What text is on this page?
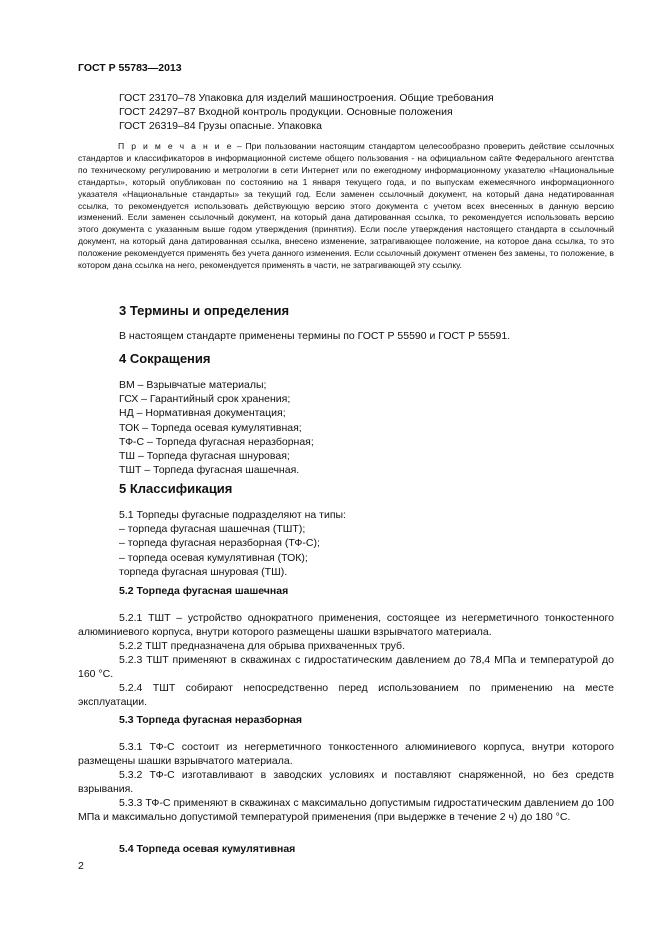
ГОСТ Р 55783—2013
ГОСТ 23170–78 Упаковка для изделий машиностроения. Общие требования
ГОСТ 24297–87 Входной контроль продукции. Основные положения
ГОСТ 26319–84 Грузы опасные. Упаковка

П р и м е ч а н и е – При пользовании настоящим стандартом целесообразно проверить действие ссылочных стандартов и классификаторов в информационной системе общего пользования - на официальном сайте Федерального агентства по техническому регулированию и метрологии в сети Интернет или по ежегодному информационному указателю «Национальные стандарты», который опубликован по состоянию на 1 января текущего года, и по выпускам ежемесячного информационного указателя «Национальные стандарты» за текущий год. Если заменен ссылочный документ, на который дана недатированная ссылка, то рекомендуется использовать действующую версию этого документа с учетом всех внесенных в данную версию изменений. Если заменен ссылочный документ, на который дана датированная ссылка, то рекомендуется использовать версию этого документа с указанным выше годом утверждения (принятия). Если после утверждения настоящего стандарта в ссылочный документ, на который дана датированная ссылка, внесено изменение, затрагивающее положение, на которое дана ссылка, то это положение рекомендуется применять без учета данного изменения. Если ссылочный документ отменен без замены, то положение, в котором дана ссылка на него, рекомендуется применять в части, не затрагивающей эту ссылку.

3 Термины и определения
В настоящем стандарте применены термины по ГОСТ Р 55590 и ГОСТ Р 55591.
4 Сокращения
ВМ – Взрывчатые материалы;
ГСХ – Гарантийный срок хранения;
НД – Нормативная документация;
ТОК – Торпеда осевая кумулятивная;
ТФ-С – Торпеда фугасная неразборная;
ТШ – Торпеда фугасная шнуровая;
ТШТ – Торпеда фугасная шашечная.
5 Классификация
5.1 Торпеды фугасные подразделяют на типы:
– торпеда фугасная шашечная (ТШТ);
– торпеда фугасная неразборная (ТФ-С);
– торпеда осевая кумулятивная (ТОК);
торпеда фугасная шнуровая (ТШ).
5.2 Торпеда фугасная шашечная

5.2.1 ТШТ – устройство однократного применения, состоящее из негерметичного тонкостенного алюминиевого корпуса, внутри которого размещены шашки взрывчатого материала.

5.2.2 ТШТ предназначена для обрыва прихваченных труб.

5.2.3 ТШТ применяют в скважинах с гидростатическим давлением до 78,4 МПа и температурой до 160 °С.

5.2.4 ТШТ собирают непосредственно перед использованием по применению на месте эксплуатации.

5.3 Торпеда фугасная неразборная

5.3.1 ТФ-С состоит из негерметичного тонкостенного алюминиевого корпуса, внутри которого размещены шашки взрывчатого материала.

5.3.2 ТФ-С изготавливают в заводских условиях и поставляют снаряженной, но без средств взрывания.

5.3.3 ТФ-С применяют в скважинах с максимально допустимым гидростатическим давлением до 100 МПа и максимально допустимой температурой применения (при выдержке в течение 2 ч) до 180 °С.

5.4 Торпеда осевая кумулятивная
2
